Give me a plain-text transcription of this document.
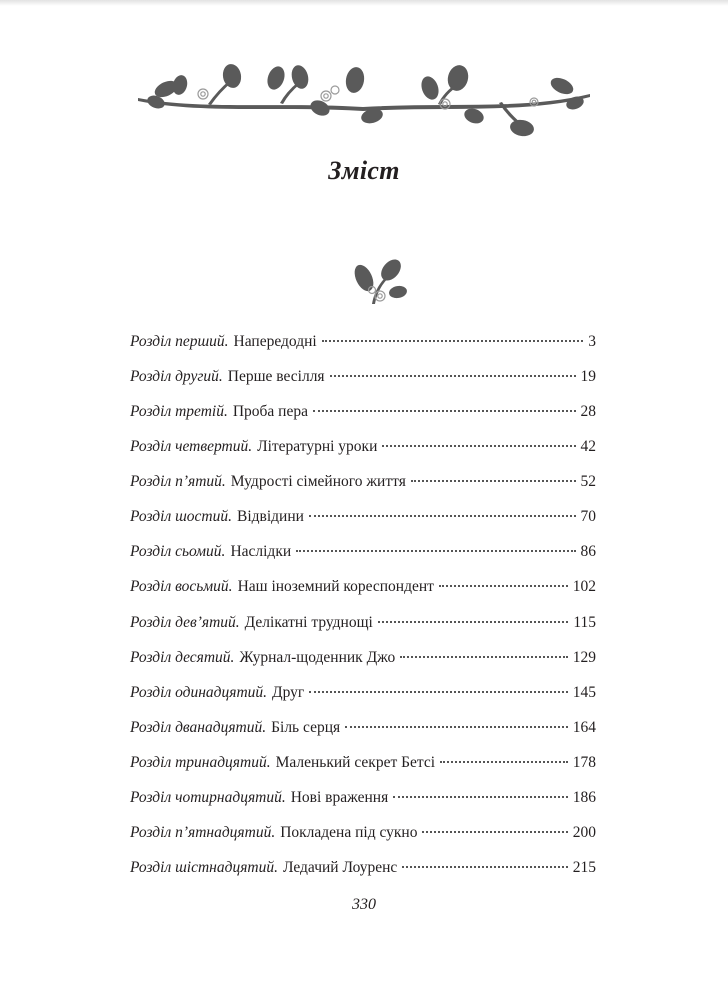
Зміст
Розділ перший. Напередодні	3
Розділ другий. Перше весілля	19
Розділ третій. Проба пера	28
Розділ четвертий. Літературні уроки	42
Розділ п’ятий. Мудрості сімейного життя	52
Розділ шостий. Відвідини	70
Розділ сьомий. Наслідки	86
Розділ восьмий. Наш іноземний кореспондент	102
Розділ дев’ятий. Делікатні труднощі	115
Розділ десятий. Журнал-щоденник Джо	129
Розділ одинадцятий. Друг	145
Розділ дванадцятий. Біль серця	164
Розділ тринадцятий. Маленький секрет Бетсі	178
Розділ чотирнадцятий. Нові враження	186
Розділ п’ятнадцятий. Покладена під сукно	200
Розділ шістнадцятий. Ледачий Лоуренс	215
330
